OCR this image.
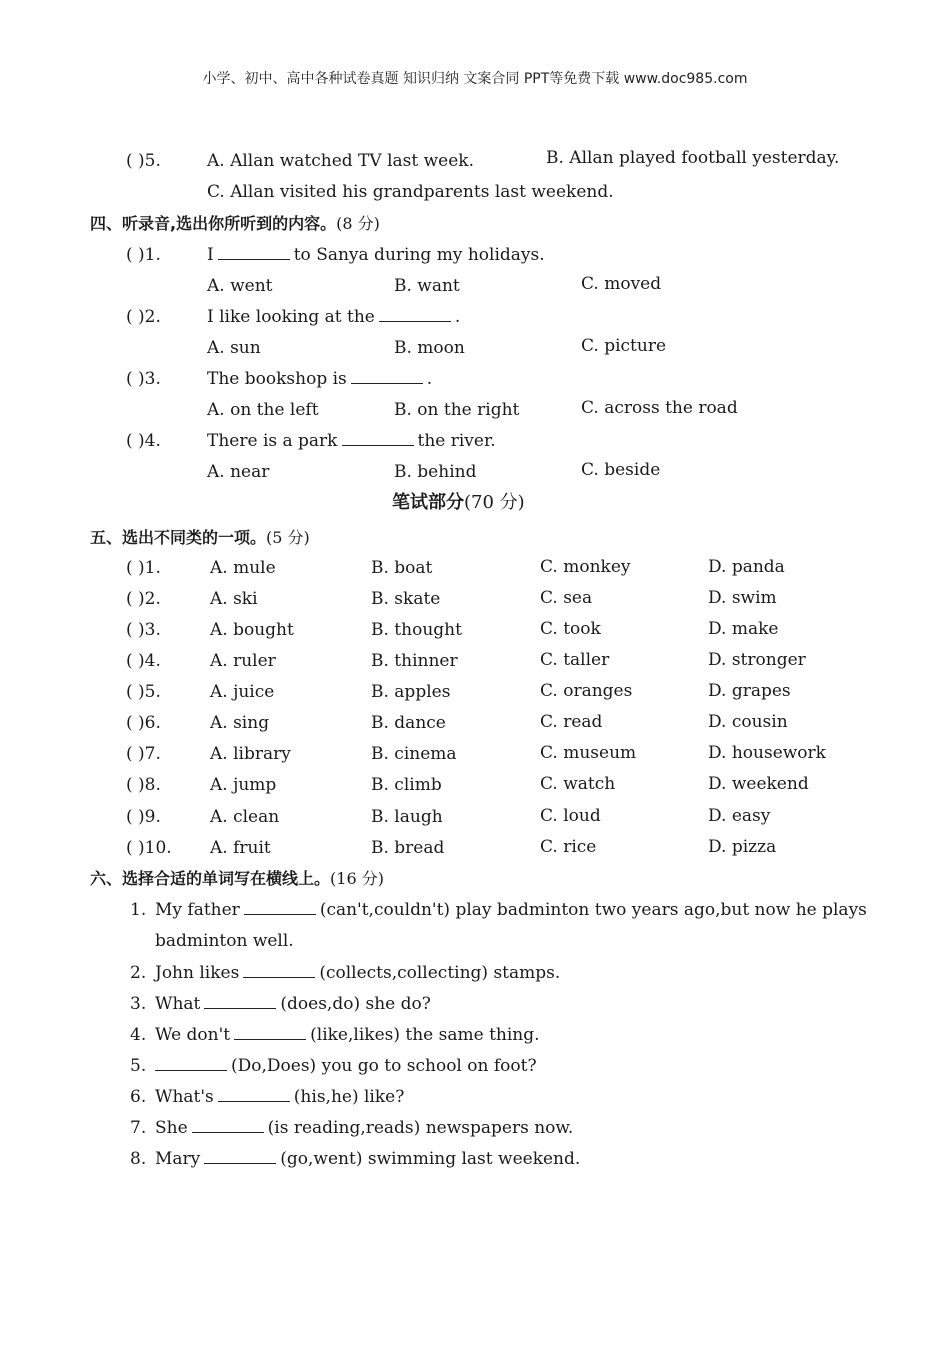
小学、初中、高中各种试卷真题 知识归纳 文案合同 PPT等免费下载 www.doc985.com
( )5.	A. Allan watched TV last week.	B. Allan played football yesterday.
C. Allan visited his grandparents last weekend.
四、听录音,选出你所听到的内容。(8 分)
( )1.	I	to Sanya during my holidays.
A. went	B. want	C. moved
( )2.	I like looking at the	.
A. sun	B. moon	C. picture
( )3.	The bookshop is	.
A. on the left	B. on the right	C. across the road
( )4.	There is a park	the river.
A. near	B. behind	C. beside
笔试部分(70 分)
五、选出不同类的一项。(5 分)
( )1.	A. mule	B. boat	C. monkey	D. panda
( )2.	A. ski	B. skate	C. sea	D. swim
( )3.	A. bought	B. thought	C. took	D. make
( )4.	A. ruler	B. thinner	C. taller	D. stronger
( )5.	A. juice	B. apples	C. oranges	D. grapes
( )6.	A. sing	B. dance	C. read	D. cousin
( )7.	A. library	B. cinema	C. museum	D. housework
( )8.	A. jump	B. climb	C. watch	D. weekend
( )9.	A. clean	B. laugh	C. loud	D. easy
( )10. A. fruit	B. bread	C. rice	D. pizza
六、选择合适的单词写在横线上。(16 分)
1. My father	(can't,couldn't) play badminton two years ago,but now he plays
badminton well.
2. John likes	(collects,collecting) stamps.
3. What	(does,do) she do?
4. We don't	(like,likes) the same thing.
5.	(Do,Does) you go to school on foot?
6. What's	(his,he) like?
7. She	(is reading,reads) newspapers now.
8. Mary	(go,went) swimming last weekend.
